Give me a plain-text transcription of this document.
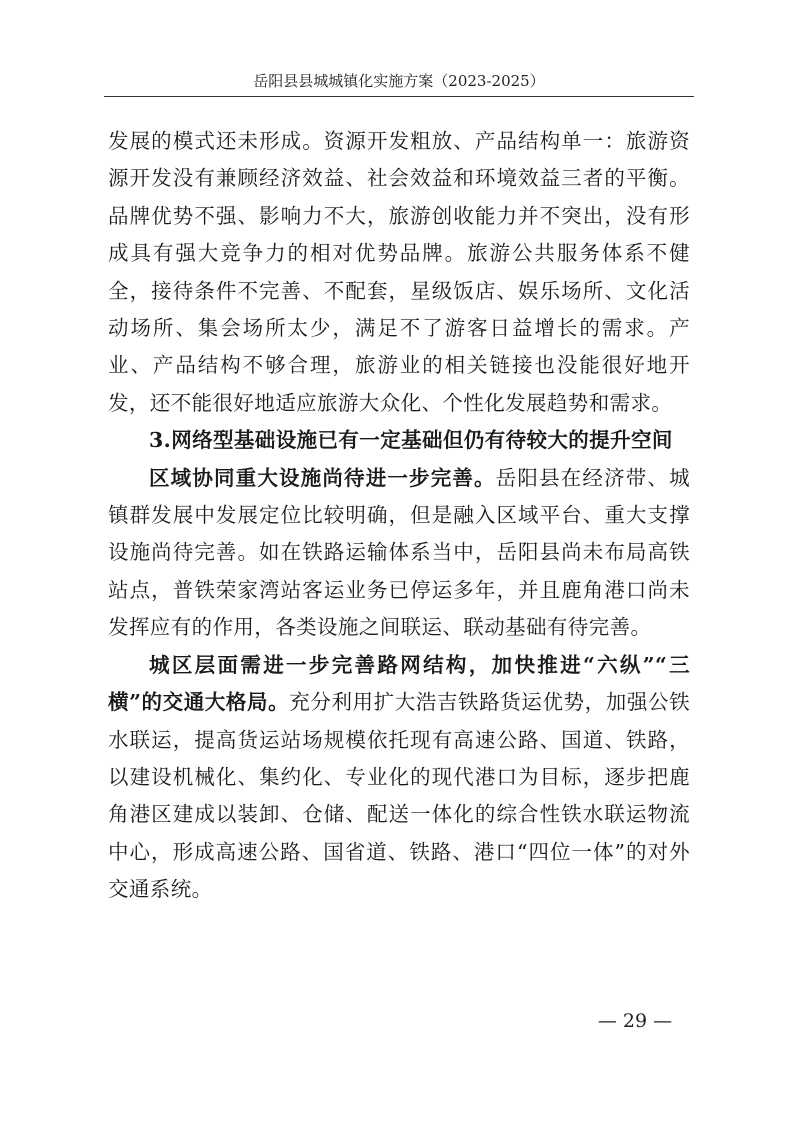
岳阳县县城城镇化实施方案（2023-2025）

发展的模式还未形成。资源开发粗放、产品结构单一：旅游资源开发没有兼顾经济效益、社会效益和环境效益三者的平衡。品牌优势不强、影响力不大，旅游创收能力并不突出，没有形成具有强大竞争力的相对优势品牌。旅游公共服务体系不健全，接待条件不完善、不配套，星级饭店、娱乐场所、文化活动场所、集会场所太少，满足不了游客日益增长的需求。产业、产品结构不够合理，旅游业的相关链接也没能很好地开发，还不能很好地适应旅游大众化、个性化发展趋势和需求。

3.网络型基础设施已有一定基础但仍有待较大的提升空间

区域协同重大设施尚待进一步完善。岳阳县在经济带、城镇群发展中发展定位比较明确，但是融入区域平台、重大支撑设施尚待完善。如在铁路运输体系当中，岳阳县尚未布局高铁站点，普铁荣家湾站客运业务已停运多年，并且鹿角港口尚未发挥应有的作用，各类设施之间联运、联动基础有待完善。

城区层面需进一步完善路网结构，加快推进“六纵”“三横”的交通大格局。充分利用扩大浩吉铁路货运优势，加强公铁水联运，提高货运站场规模依托现有高速公路、国道、铁路，以建设机械化、集约化、专业化的现代港口为目标，逐步把鹿角港区建成以装卸、仓储、配送一体化的综合性铁水联运物流中心，形成高速公路、国省道、铁路、港口“四位一体”的对外交通系统。

— 29 —
